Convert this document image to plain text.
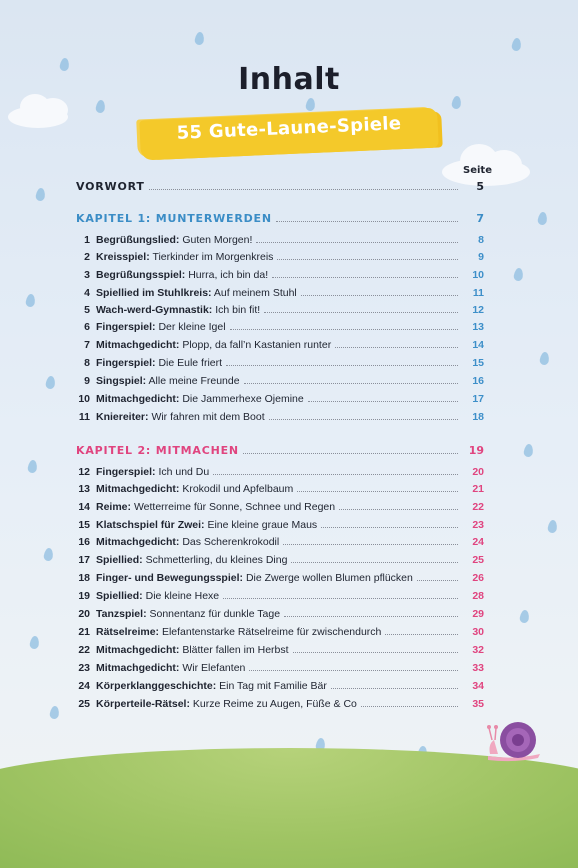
Inhalt
55 Gute-Laune-Spiele
Seite
VORWORT	5
KAPITEL 1: MUNTERWERDEN	7
1 Begrüßungslied: Guten Morgen!	8
2 Kreisspiel: Tierkinder im Morgenkreis	9
3 Begrüßungsspiel: Hurra, ich bin da!	10
4 Spiellied im Stuhlkreis: Auf meinem Stuhl	11
5 Wach-werd-Gymnastik: Ich bin fit!	12
6 Fingerspiel: Der kleine Igel	13
7 Mitmachgedicht: Plopp, da fall’n Kastanien runter	14
8 Fingerspiel: Die Eule friert	15
9 Singspiel: Alle meine Freunde	16
10 Mitmachgedicht: Die Jammerhexe Ojemine	17
11 Kniereiter: Wir fahren mit dem Boot	18
KAPITEL 2: MITMACHEN	19
12 Fingerspiel: Ich und Du	20
13 Mitmachgedicht: Krokodil und Apfelbaum	21
14 Reime: Wetterreime für Sonne, Schnee und Regen	22
15 Klatschspiel für Zwei: Eine kleine graue Maus	23
16 Mitmachgedicht: Das Scherenkrokodil	24
17 Spiellied: Schmetterling, du kleines Ding	25
18 Finger- und Bewegungsspiel: Die Zwerge wollen Blumen pflücken	26
19 Spiellied: Die kleine Hexe	28
20 Tanzspiel: Sonnentanz für dunkle Tage	29
21 Rätselreime: Elefantenstarke Rätselreime für zwischendurch	30
22 Mitmachgedicht: Blätter fallen im Herbst	32
23 Mitmachgedicht: Wir Elefanten	33
24 Körperklanggeschichte: Ein Tag mit Familie Bär	34
25 Körperteile-Rätsel: Kurze Reime zu Augen, Füße & Co	35
